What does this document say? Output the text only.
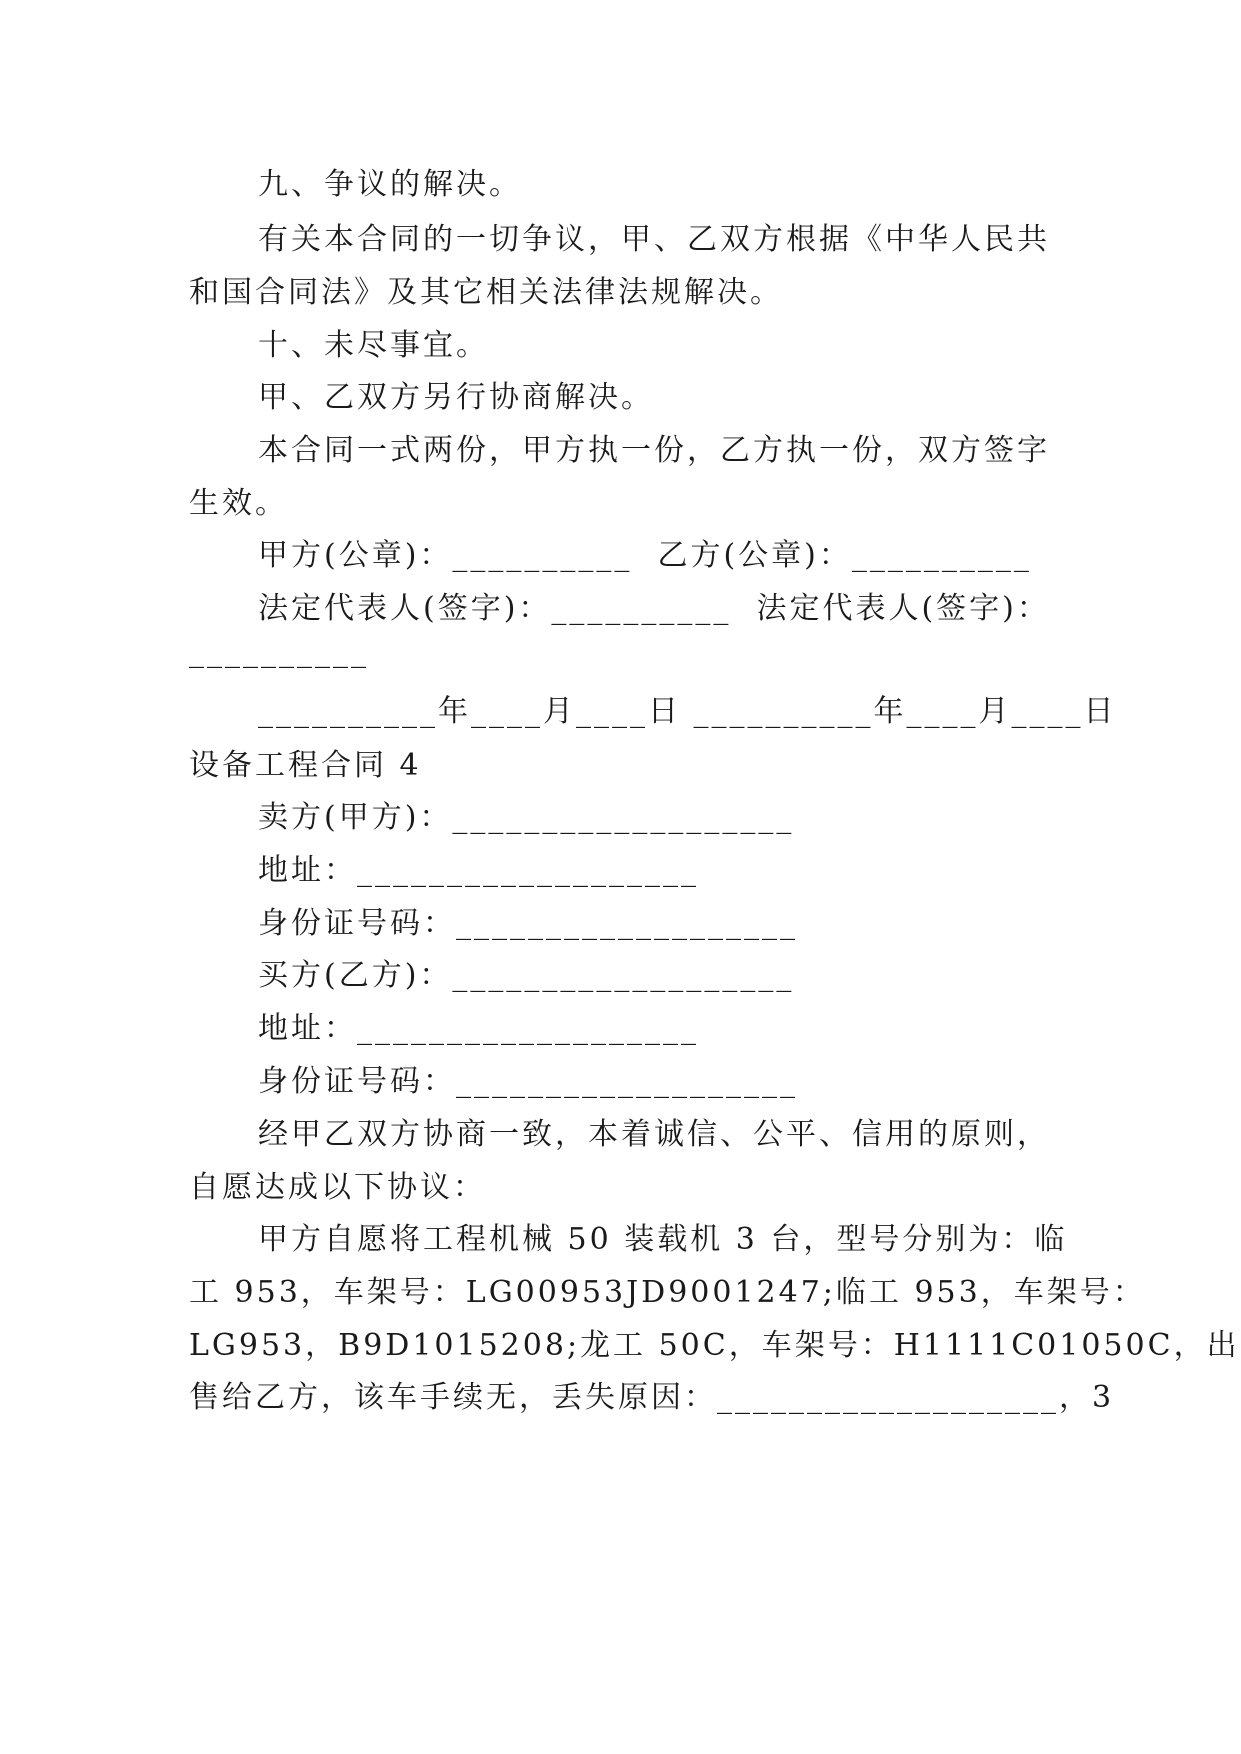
九、争议的解决。
有关本合同的一切争议，甲、乙双方根据《中华人民共
和国合同法》及其它相关法律法规解决。
十、未尽事宜。
甲、乙双方另行协商解决。
本合同一式两份，甲方执一份，乙方执一份，双方签字
生效。
甲方(公章)：__________  乙方(公章)：__________
法定代表人(签字)：__________  法定代表人(签字)：
__________
__________年____月____日 __________年____月____日
设备工程合同 4
卖方(甲方)：___________________
地址：___________________
身份证号码：___________________
买方(乙方)：___________________
地址：___________________
身份证号码：___________________
经甲乙双方协商一致，本着诚信、公平、信用的原则，
自愿达成以下协议：
甲方自愿将工程机械 50 装载机 3 台，型号分别为：临
工 953，车架号：LG00953JD9001247;临工 953，车架号：
LG953，B9D1015208;龙工 50C，车架号：H1111C01050C，出
售给乙方，该车手续无，丢失原因：___________________，3
